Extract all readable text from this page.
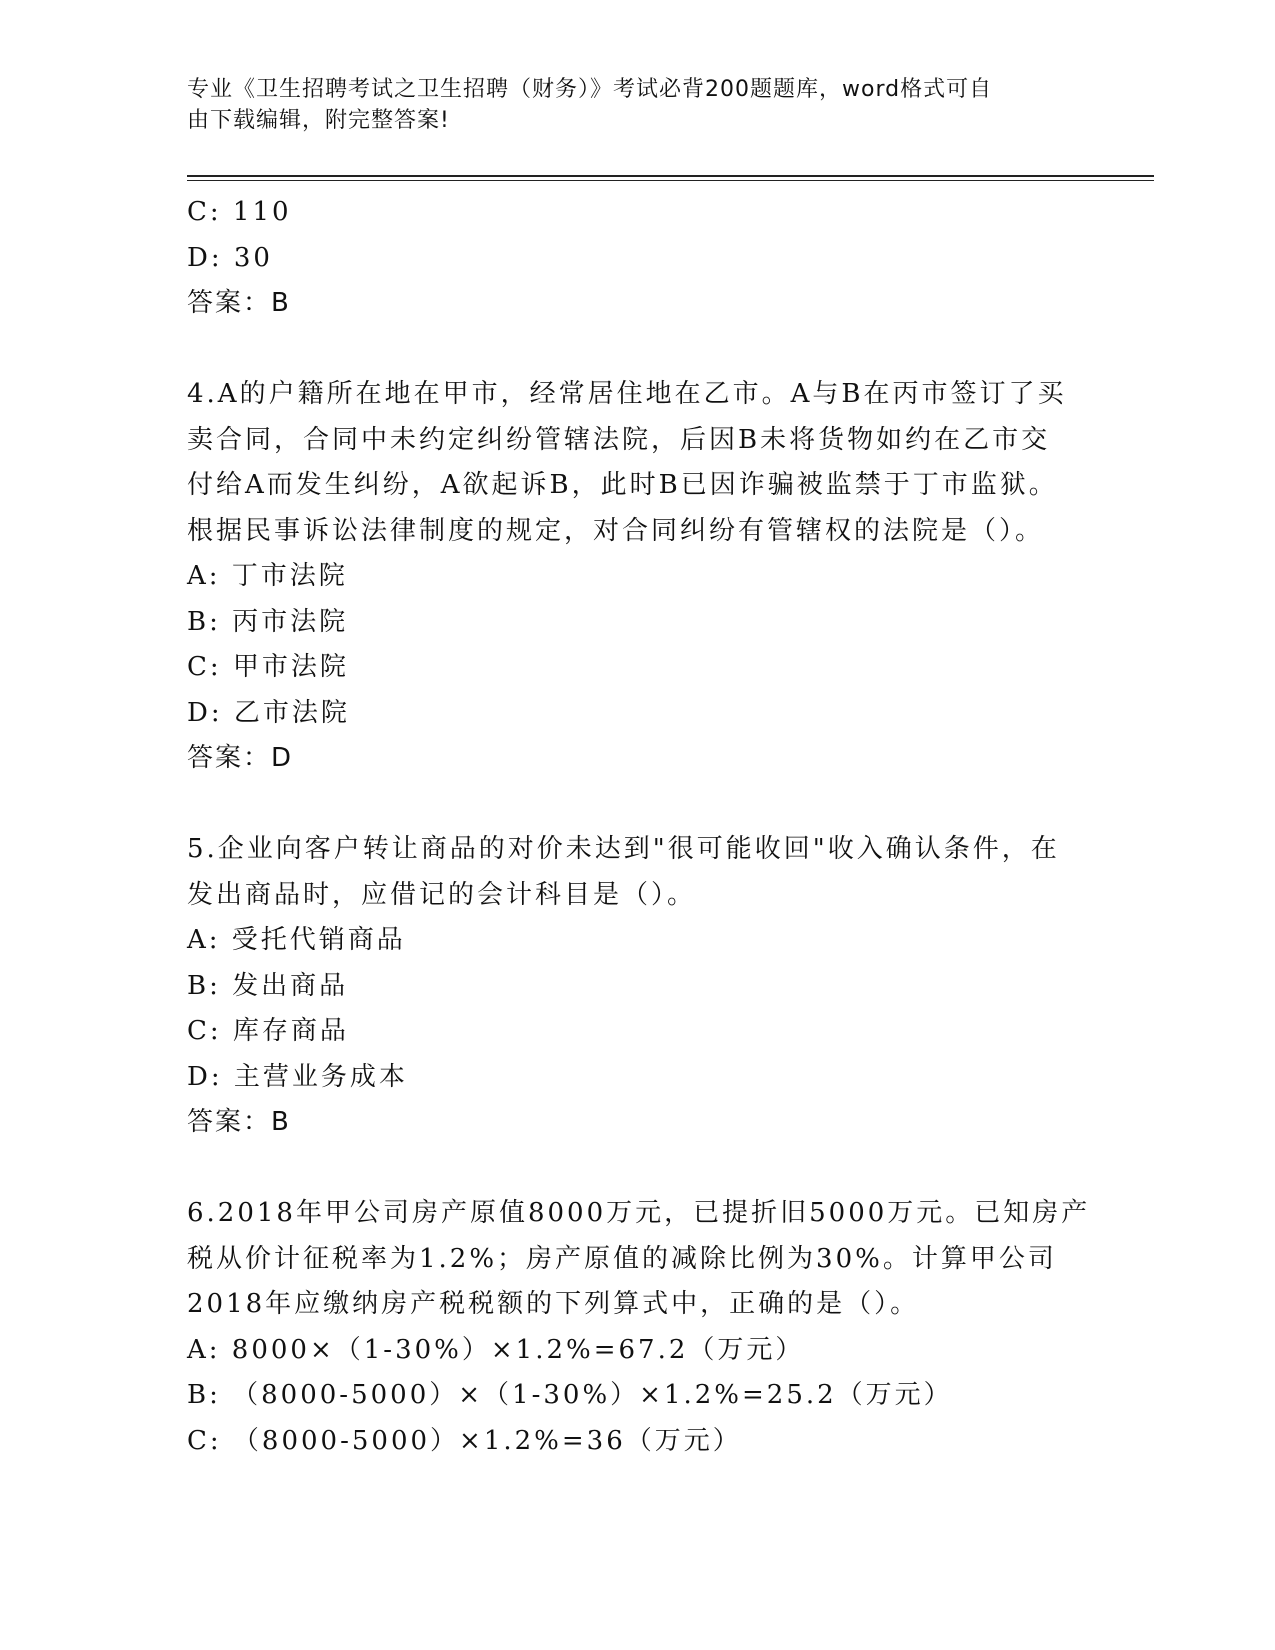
专业《卫生招聘考试之卫生招聘（财务）》考试必背200题题库，word格式可自
由下载编辑，附完整答案!
C: 110
D: 30
答案：B
4.A的户籍所在地在甲市，经常居住地在乙市。A与B在丙市签订了买
卖合同，合同中未约定纠纷管辖法院，后因B未将货物如约在乙市交
付给A而发生纠纷，A欲起诉B，此时B已因诈骗被监禁于丁市监狱。
根据民事诉讼法律制度的规定，对合同纠纷有管辖权的法院是（）。
A: 丁市法院
B: 丙市法院
C: 甲市法院
D: 乙市法院
答案：D
5.企业向客户转让商品的对价未达到"很可能收回"收入确认条件，在
发出商品时，应借记的会计科目是（）。
A: 受托代销商品
B: 发出商品
C: 库存商品
D: 主营业务成本
答案：B
6.2018年甲公司房产原值8000万元，已提折旧5000万元。已知房产
税从价计征税率为1.2%；房产原值的减除比例为30%。计算甲公司
2018年应缴纳房产税税额的下列算式中，正确的是（）。
A: 8000×（1-30%）×1.2%=67.2（万元）
B: （8000-5000）×（1-30%）×1.2%=25.2（万元）
C: （8000-5000）×1.2%=36（万元）
